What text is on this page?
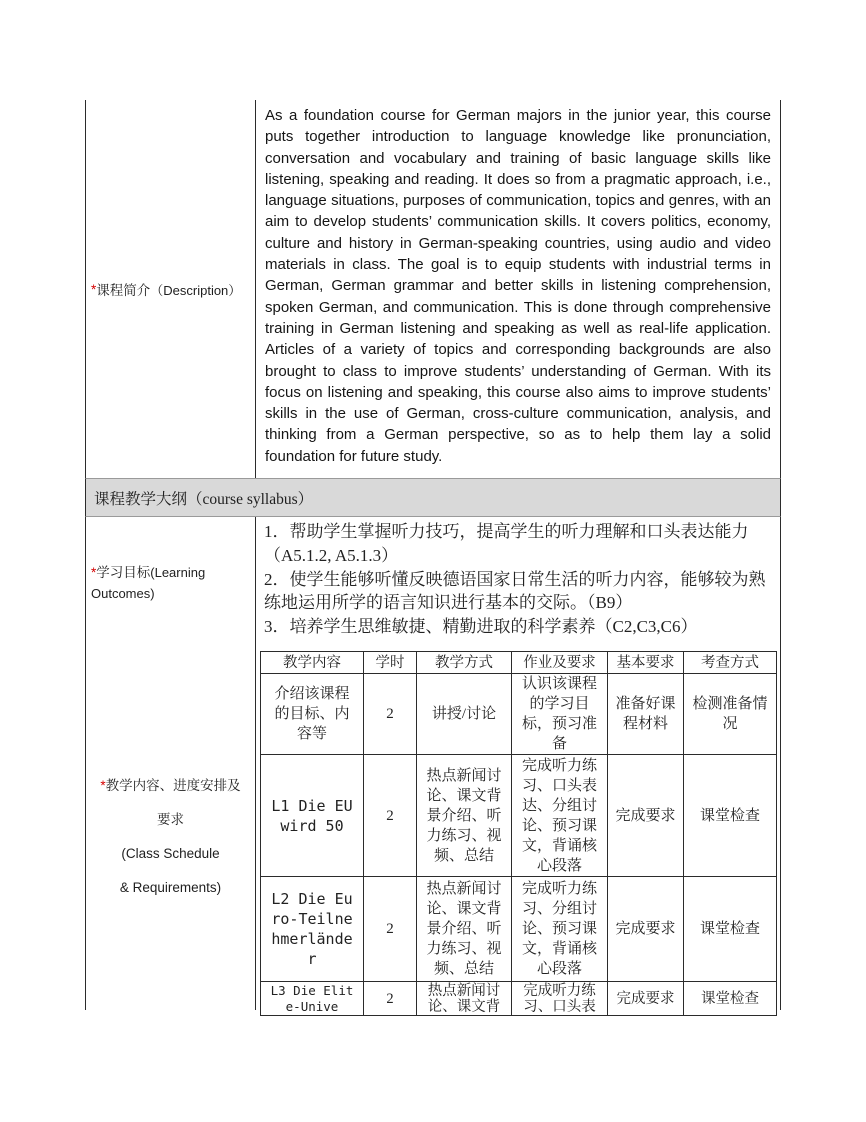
* 课程简介 （Description）
As a foundation course for German majors in the junior year, this course puts together introduction to language knowledge like pronunciation, conversation and vocabulary and training of basic language skills like listening, speaking and reading. It does so from a pragmatic approach, i.e., language situations, purposes of communication, topics and genres, with an aim to develop students’ communication skills. It covers politics, economy, culture and history in German-speaking countries, using audio and video materials in class. The goal is to equip students with industrial terms in German, German grammar and better skills in listening comprehension, spoken German, and communication. This is done through comprehensive training in German listening and speaking as well as real-life application. Articles of a variety of topics and corresponding backgrounds are also brought to class to improve students’ understanding of German. With its focus on listening and speaking, this course also aims to improve students’ skills in the use of German, cross-culture communication, analysis, and thinking from a German perspective, so as to help them lay a solid foundation for future study.
课程教学大纲（course syllabus）
*学习目标(Learning
Outcomes)
1．帮助学生掌握听力技巧，提高学生的听力理解和口头表达能力（A5.1.2, A5.1.3）
2．使学生能够听懂反映德语国家日常生活的听力内容，能够较为熟练地运用所学的语言知识进行基本的交际。（B9）
3．培养学生思维敏捷、精勤进取的科学素养（C2,C3,C6）
*教学内容、进度安排及
要求
(Class Schedule
& Requirements)
教学内容	学时	教学方式	作业及要求	基本要求	考查方式
介绍该课程的目标、内容等	2	讲授/讨论	认识该课程的学习目标，预习准备	准备好课程材料	检测准备情况
L1 Die EU wird 50	2	热点新闻讨论、课文背景介绍、听力练习、视频、总结	完成听力练习、口头表达、分组讨论、预习课文，背诵核心段落	完成要求	课堂检查
L2 Die Euro-Teilnehmerländer	2	热点新闻讨论、课文背景介绍、听力练习、视频、总结	完成听力练习、分组讨论、预习课文，背诵核心段落	完成要求	课堂检查

L3 Die Elite-Unive	2	热点新闻讨论、课文背	完成听力练习、口头表	完成要求	课堂检查
